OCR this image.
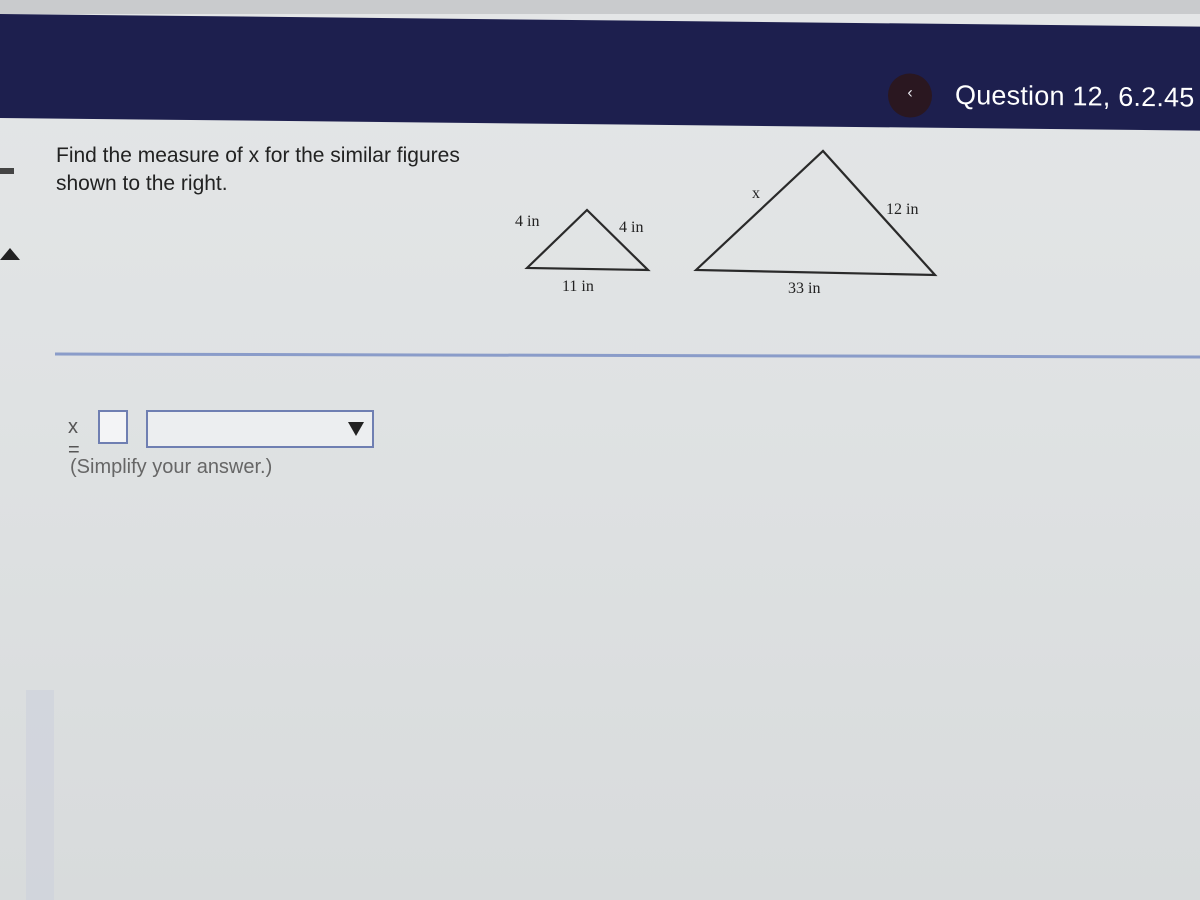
‹	Question 12, 6.2.45
Find the measure of x for the similar figures
shown to the right.
4 in	4 in
11 in
x
12 in
33 in
x =
(Simplify your answer.)
